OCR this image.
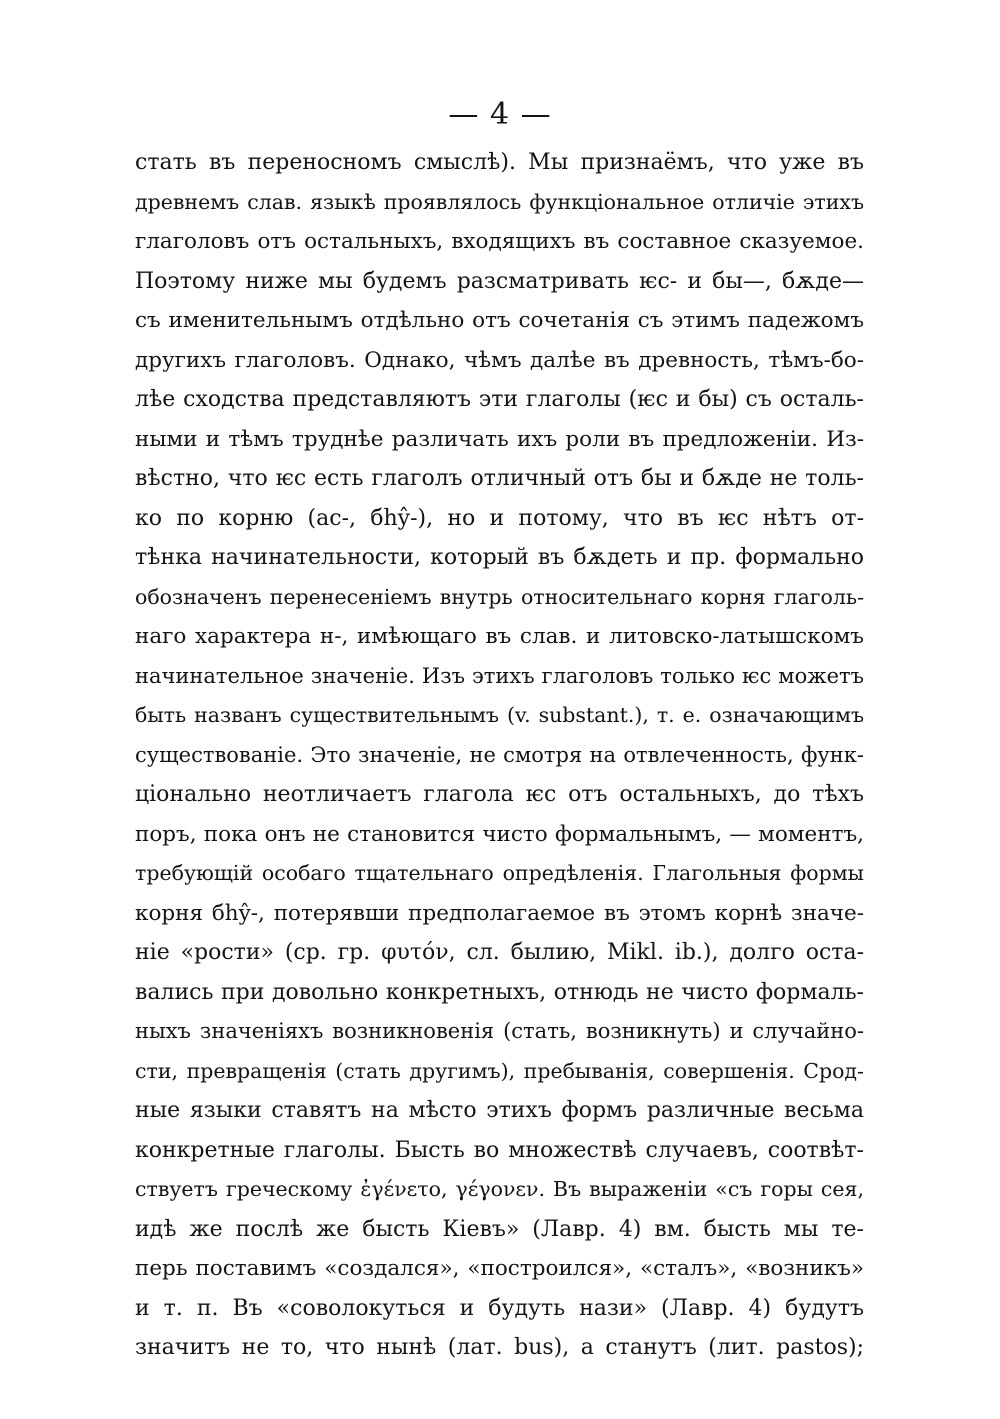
— 4 —
стать въ переносномъ смыслѣ). Мы признаёмъ, что уже въ
древнемъ слав. языкѣ проявлялось функціональное отличіе этихъ
глаголовъ отъ остальныхъ, входящихъ въ составное сказуемое.
Поэтому ниже мы будемъ разсматривать ѥс- и бы—, бѫде—
съ именительнымъ отдѣльно отъ сочетанія съ этимъ падежомъ
другихъ глаголовъ. Однако, чѣмъ далѣе въ древность, тѣмъ-бо-
лѣе сходства представляютъ эти глаголы (ѥс и бы) съ осталь-
ными и тѣмъ труднѣе различать ихъ роли въ предложеніи. Из-
вѣстно, что ѥс есть глаголъ отличный отъ бы и бѫде не толь-
ко по корню (ас-, бhŷ-), но и потому, что въ ѥс нѣтъ от-
тѣнка начинательности, который въ бѫдеть и пр. формально
обозначенъ перенесеніемъ внутрь относительнаго корня глаголь-
наго характера н-, имѣющаго въ слав. и литовско-латышскомъ
начинательное значеніе. Изъ этихъ глаголовъ только ѥс можетъ
быть названъ существительнымъ (v. substant.), т. е. означающимъ
существованіе. Это значеніе, не смотря на отвлеченность, функ-
ціонально неотличаетъ глагола ѥс отъ остальныхъ, до тѣхъ
поръ, пока онъ не становится чисто формальнымъ, — моментъ,
требующій особаго тщательнаго опредѣленія. Глагольныя формы
корня бhŷ-, потерявши предполагаемое въ этомъ корнѣ значе-
ніе «рости» (ср. гр. φυτόν, сл. былию, Mikl. ib.), долго оста-
вались при довольно конкретныхъ, отнюдь не чисто формаль-
ныхъ значеніяхъ возникновенія (стать, возникнуть) и случайно-
сти, превращенія (стать другимъ), пребыванія, совершенія. Срод-
ные языки ставятъ на мѣсто этихъ формъ различные весьма
конкретные глаголы. Бысть во множествѣ случаевъ, соотвѣт-
ствуетъ греческому ἐγένετο, γέγονεν. Въ выраженіи «съ горы сея,
идѣ же послѣ же бысть Кіевъ» (Лавр. 4) вм. бысть мы те-
перь поставимъ «создался», «построился», «сталъ», «возникъ»
и т. п. Въ «соволокуться и будуть нази» (Лавр. 4) будутъ
значитъ не то, что нынѣ (лат. bus), а станутъ (лит. pastos);
